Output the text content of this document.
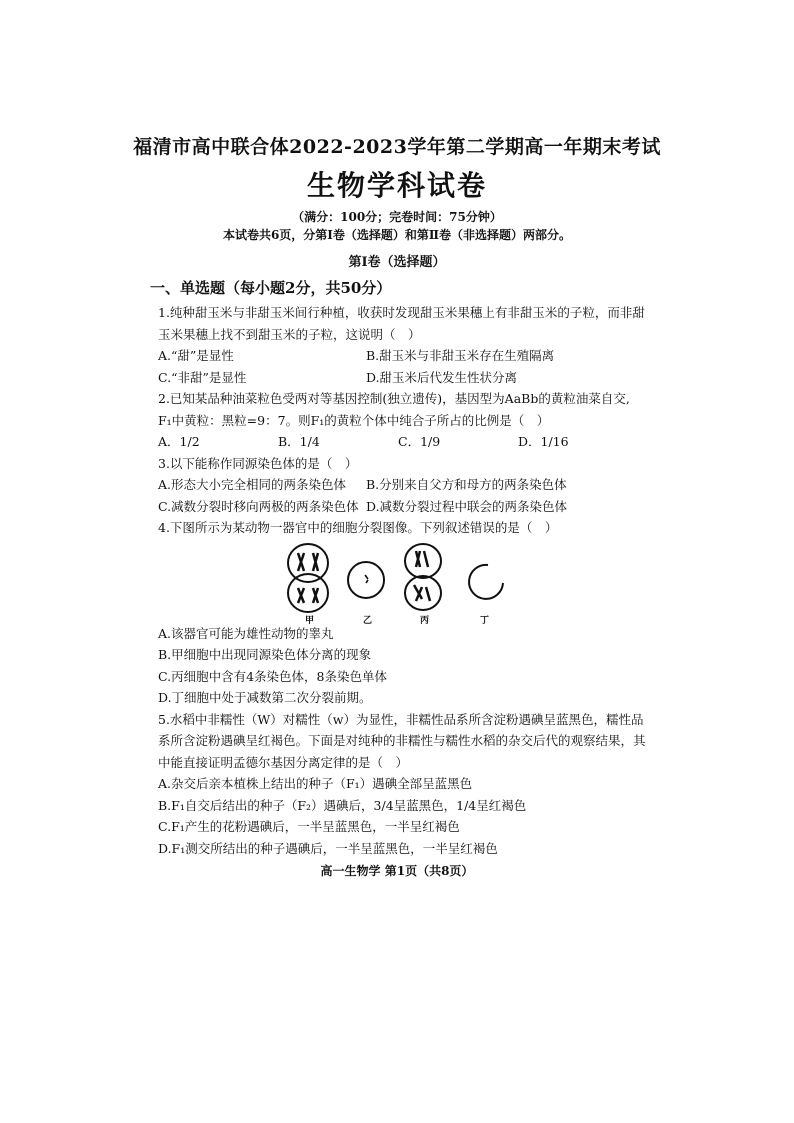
福清市高中联合体2022-2023学年第二学期高一年期末考试
生物学科试卷
（满分：100分；完卷时间：75分钟）
本试卷共6页，分第Ⅰ卷（选择题）和第Ⅱ卷（非选择题）两部分。
第Ⅰ卷（选择题）
一、单选题（每小题2分，共50分）
1.纯种甜玉米与非甜玉米间行种植，收获时发现甜玉米果穗上有非甜玉米的子粒，而非甜
玉米果穗上找不到甜玉米的子粒，这说明（　）
A.“甜”是显性	B.甜玉米与非甜玉米存在生殖隔离
C.“非甜”是显性	D.甜玉米后代发生性状分离
2.已知某品种油菜粒色受两对等基因控制(独立遗传)，基因型为AaBb的黄粒油菜自交,
F₁中黄粒：黑粒=9：7。则F₁的黄粒个体中纯合子所占的比例是（　）
A．1/2	B．1/4	C．1/9	D．1/16
3.以下能称作同源染色体的是（　）
A.形态大小完全相同的两条染色体	B.分别来自父方和母方的两条染色体
C.减数分裂时移向两极的两条染色体 D.减数分裂过程中联会的两条染色体
4.下图所示为某动物一器官中的细胞分裂图像。下列叙述错误的是（　）
甲	乙	丙	丁
A.该器官可能为雄性动物的睾丸
B.甲细胞中出现同源染色体分离的现象
C.丙细胞中含有4条染色体，8条染色单体
D.丁细胞中处于减数第二次分裂前期。
5.水稻中非糯性（W）对糯性（w）为显性，非糯性品系所含淀粉遇碘呈蓝黑色，糯性品
系所含淀粉遇碘呈红褐色。下面是对纯种的非糯性与糯性水稻的杂交后代的观察结果，其
中能直接证明孟德尔基因分离定律的是（　）
A.杂交后亲本植株上结出的种子（F₁）遇碘全部呈蓝黑色
B.F₁自交后结出的种子（F₂）遇碘后，3/4呈蓝黑色，1/4呈红褐色
C.F₁产生的花粉遇碘后，一半呈蓝黑色，一半呈红褐色
D.F₁测交所结出的种子遇碘后，一半呈蓝黑色，一半呈红褐色
高一生物学 第1页（共8页）
